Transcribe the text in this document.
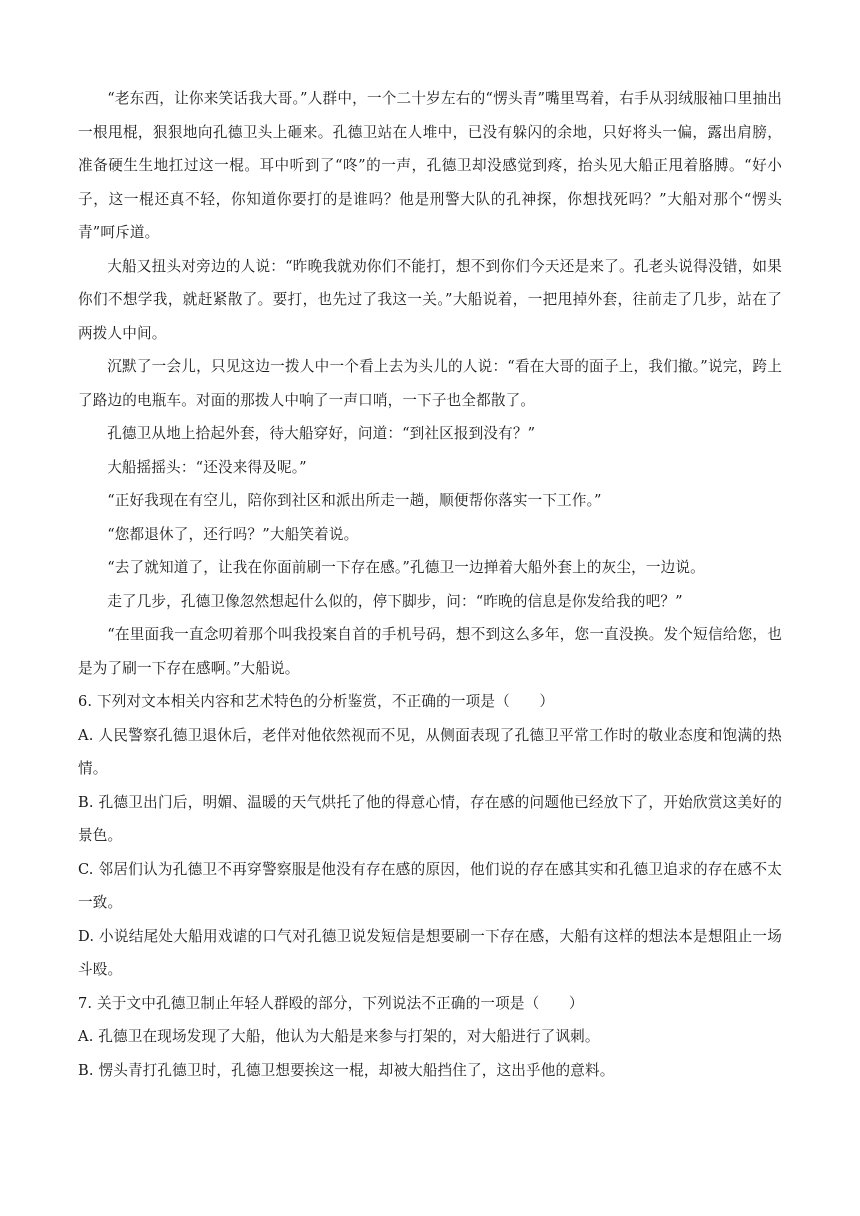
“老东西，让你来笑话我大哥。”人群中，一个二十岁左右的“愣头青”嘴里骂着，右手从羽绒服袖口里抽出一根甩棍，狠狠地向孔德卫头上砸来。孔德卫站在人堆中，已没有躲闪的余地，只好将头一偏，露出肩膀，准备硬生生地扛过这一棍。耳中听到了“咚”的一声，孔德卫却没感觉到疼，抬头见大船正甩着胳膊。“好小子，这一棍还真不轻，你知道你要打的是谁吗？他是刑警大队的孔神探，你想找死吗？”大船对那个“愣头青”呵斥道。

大船又扭头对旁边的人说：“昨晚我就劝你们不能打，想不到你们今天还是来了。孔老头说得没错，如果你们不想学我，就赶紧散了。要打，也先过了我这一关。”大船说着，一把甩掉外套，往前走了几步，站在了两拨人中间。

沉默了一会儿，只见这边一拨人中一个看上去为头儿的人说：“看在大哥的面子上，我们撤。”说完，跨上了路边的电瓶车。对面的那拨人中响了一声口哨，一下子也全都散了。

孔德卫从地上拾起外套，待大船穿好，问道：“到社区报到没有？”

大船摇摇头：“还没来得及呢。”

“正好我现在有空儿，陪你到社区和派出所走一趟，顺便帮你落实一下工作。”

“您都退休了，还行吗？”大船笑着说。

“去了就知道了，让我在你面前刷一下存在感。”孔德卫一边掸着大船外套上的灰尘，一边说。

走了几步，孔德卫像忽然想起什么似的，停下脚步，问：“昨晚的信息是你发给我的吧？”

“在里面我一直念叨着那个叫我投案自首的手机号码，想不到这么多年，您一直没换。发个短信给您，也是为了刷一下存在感啊。”大船说。

6. 下列对文本相关内容和艺术特色的分析鉴赏，不正确的一项是（　　）

A. 人民警察孔德卫退休后，老伴对他依然视而不见，从侧面表现了孔德卫平常工作时的敬业态度和饱满的热情。

B. 孔德卫出门后，明媚、温暖的天气烘托了他的得意心情，存在感的问题他已经放下了，开始欣赏这美好的景色。

C. 邻居们认为孔德卫不再穿警察服是他没有存在感的原因，他们说的存在感其实和孔德卫追求的存在感不太一致。

D. 小说结尾处大船用戏谑的口气对孔德卫说发短信是想要刷一下存在感，大船有这样的想法本是想阻止一场斗殴。

7. 关于文中孔德卫制止年轻人群殴的部分，下列说法不正确的一项是（　　）

A. 孔德卫在现场发现了大船，他认为大船是来参与打架的，对大船进行了讽刺。

B. 愣头青打孔德卫时，孔德卫想要挨这一棍，却被大船挡住了，这出乎他的意料。
